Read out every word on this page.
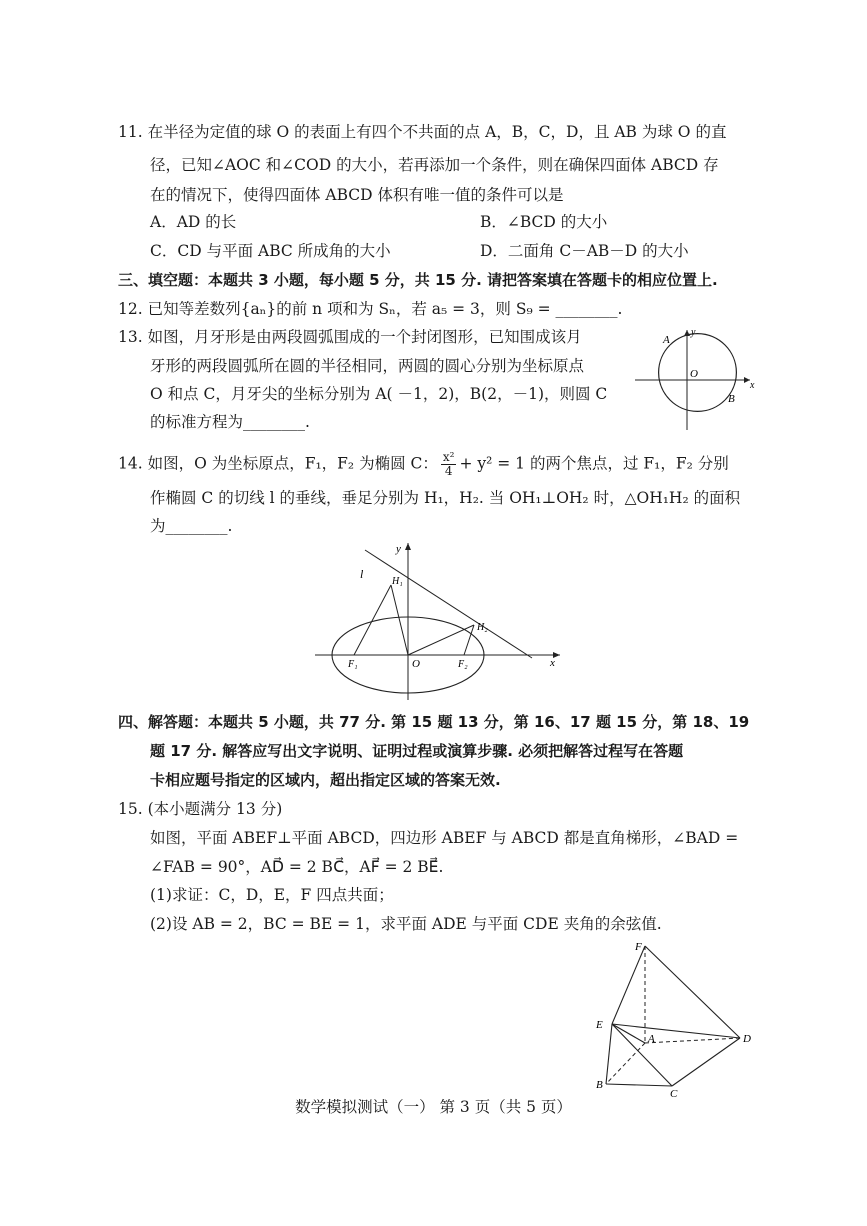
11. 在半径为定值的球 O 的表面上有四个不共面的点 A，B，C，D，且 AB 为球 O 的直
径，已知∠AOC 和∠COD 的大小，若再添加一个条件，则在确保四面体 ABCD 存
在的情况下，使得四面体 ABCD 体积有唯一值的条件可以是
A．AD 的长	B．∠BCD 的大小
C．CD 与平面 ABC 所成角的大小	D．二面角 C－AB－D 的大小
三、填空题：本题共 3 小题，每小题 5 分，共 15 分. 请把答案填在答题卡的相应位置上.
12. 已知等差数列{aₙ}的前 n 项和为 Sₙ，若 a₅ = 3，则 S₉ = ________.
13. 如图，月牙形是由两段圆弧围成的一个封闭图形，已知围成该月
牙形的两段圆弧所在圆的半径相同，两圆的圆心分别为坐标原点
O 和点 C，月牙尖的坐标分别为 A( －1，2)，B(2，－1)，则圆 C
的标准方程为________.
A
B
O
x
y
14. 如图，O 为坐标原点，F₁，F₂ 为椭圆 C： $\frac{\text{x²}}{4} + y^2 = 1$ 的两个焦点，过 F₁，F₂ 分别
作椭圆 C 的切线 l 的垂线，垂足分别为 H₁，H₂. 当 OH₁⊥OH₂ 时，△OH₁H₂ 的面积
为________.
l
y
x
O
H₁
H₂
F₁	F₂
四、解答题：本题共 5 小题，共 77 分. 第 15 题 13 分，第 16、17 题 15 分，第 18、19
题 17 分. 解答应写出文字说明、证明过程或演算步骤. 必须把解答过程写在答题
卡相应题号指定的区域内，超出指定区域的答案无效.
15. (本小题满分 13 分)
如图，平面 ABEF⊥平面 ABCD，四边形 ABEF 与 ABCD 都是直角梯形，∠BAD =
∠FAB = 90°，AD⃗ = 2 BC⃗，AF⃗ = 2 BE⃗.
(1)求证：C，D，E，F 四点共面；
(2)设 AB = 2，BC = BE = 1，求平面 ADE 与平面 CDE 夹角的余弦值.
F
E
A	D
B
C
数学模拟测试（一） 第 3 页（共 5 页）
